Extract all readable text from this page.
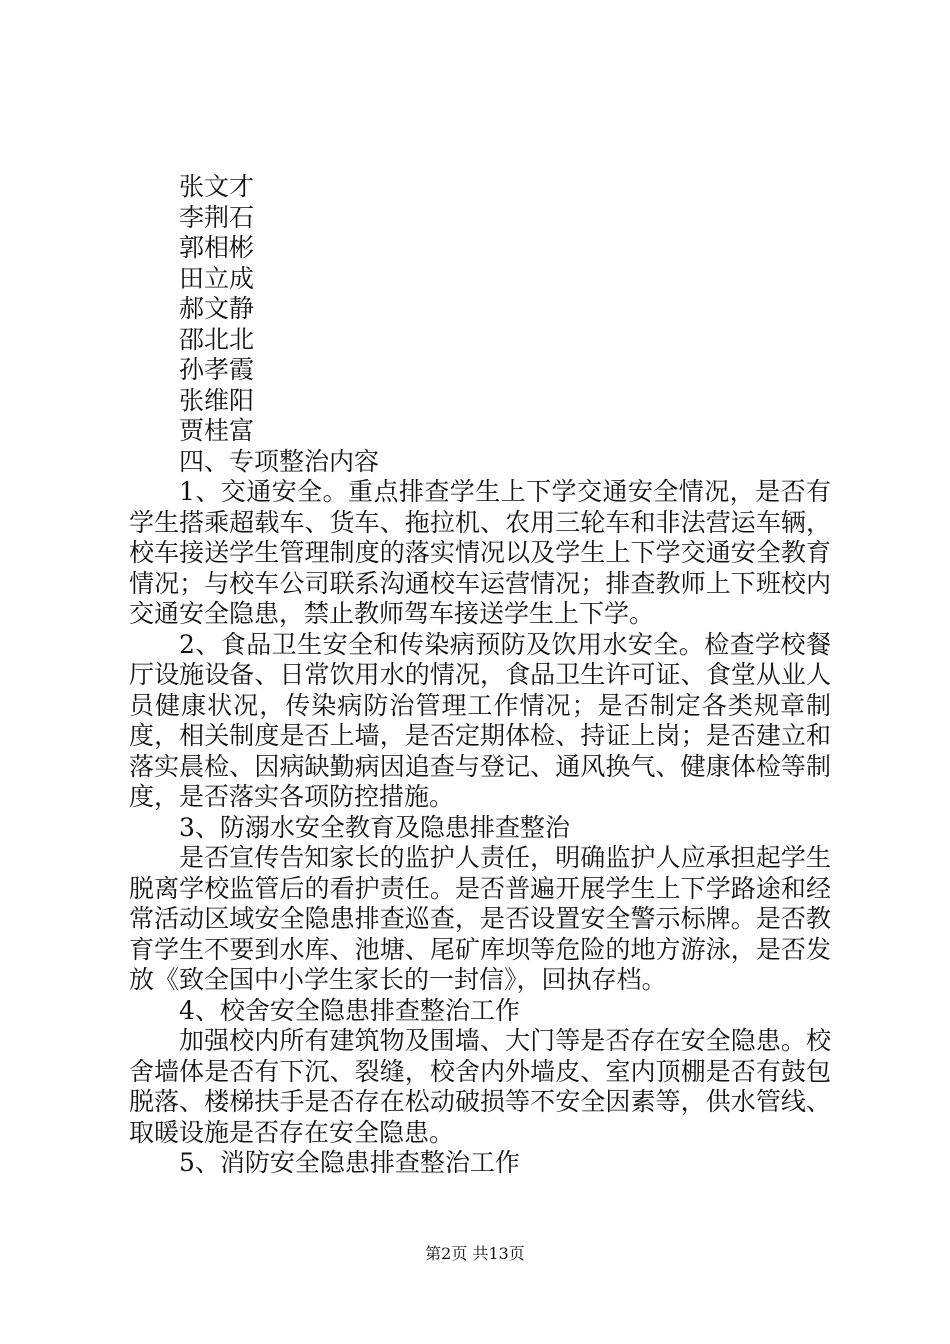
张文才
李荆石
郭相彬
田立成
郝文静
邵北北
孙孝霞
张维阳
贾桂富
四、专项整治内容

1、交通安全。重点排查学生上下学交通安全情况，是否有学生搭乘超载车、货车、拖拉机、农用三轮车和非法营运车辆，校车接送学生管理制度的落实情况以及学生上下学交通安全教育情况；与校车公司联系沟通校车运营情况；排查教师上下班校内交通安全隐患，禁止教师驾车接送学生上下学。

2、食品卫生安全和传染病预防及饮用水安全。检查学校餐厅设施设备、日常饮用水的情况，食品卫生许可证、食堂从业人员健康状况，传染病防治管理工作情况；是否制定各类规章制度，相关制度是否上墙，是否定期体检、持证上岗；是否建立和落实晨检、因病缺勤病因追查与登记、通风换气、健康体检等制度，是否落实各项防控措施。

3、防溺水安全教育及隐患排查整治

是否宣传告知家长的监护人责任，明确监护人应承担起学生脱离学校监管后的看护责任。是否普遍开展学生上下学路途和经常活动区域安全隐患排查巡查，是否设置安全警示标牌。是否教育学生不要到水库、池塘、尾矿库坝等危险的地方游泳，是否发放《致全国中小学生家长的一封信》，回执存档。

4、校舍安全隐患排查整治工作

加强校内所有建筑物及围墙、大门等是否存在安全隐患。校舍墙体是否有下沉、裂缝，校舍内外墙皮、室内顶棚是否有鼓包脱落、楼梯扶手是否存在松动破损等不安全因素等，供水管线、取暖设施是否存在安全隐患。

5、消防安全隐患排查整治工作
第2页 共13页
